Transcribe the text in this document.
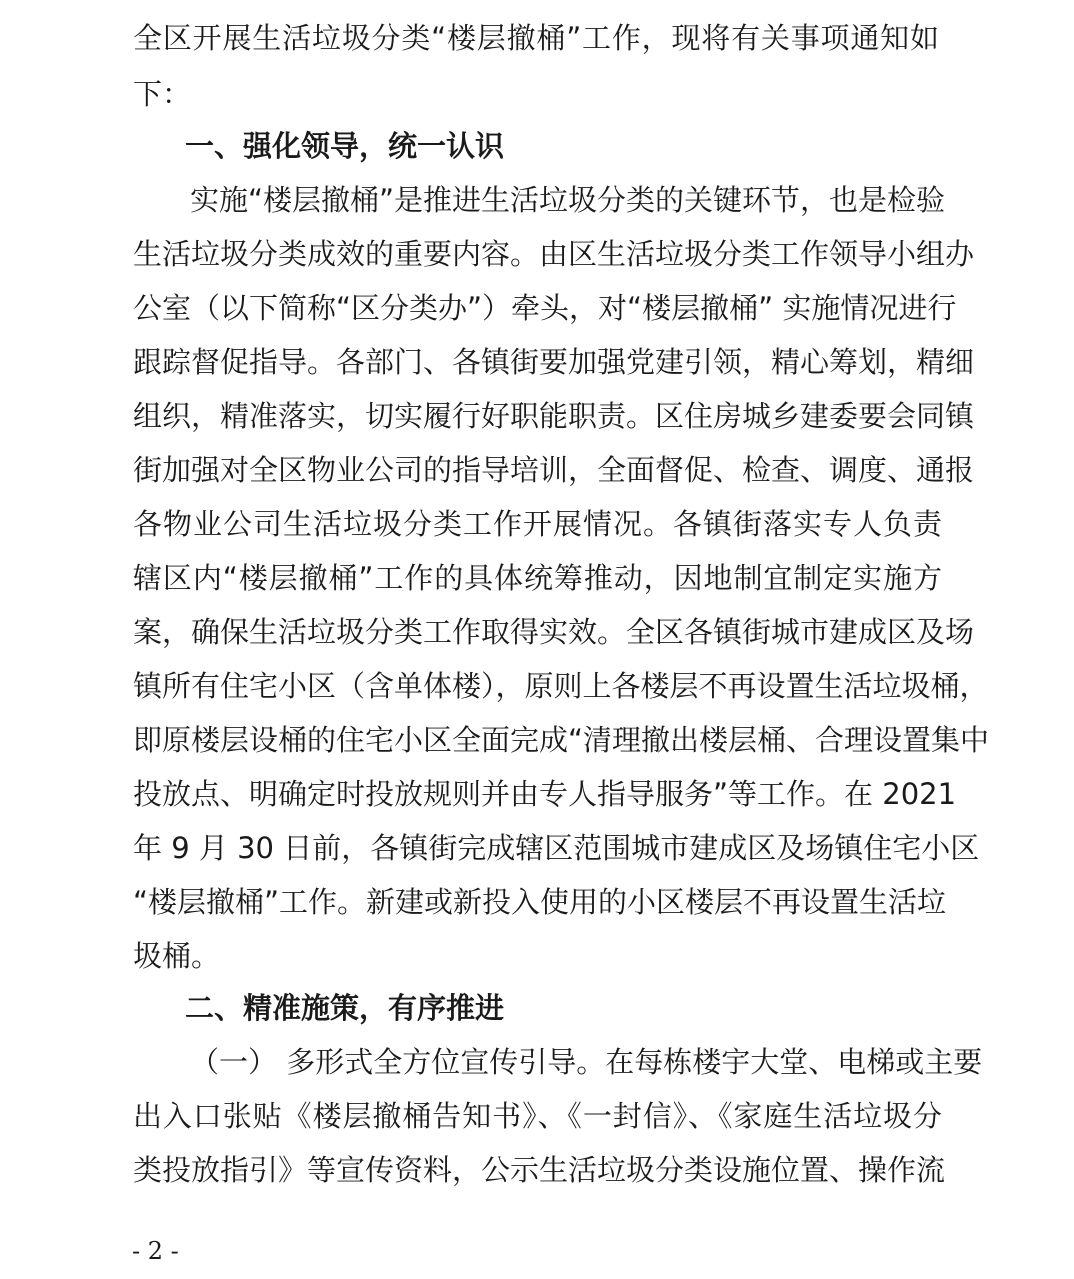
全区开展生活垃圾分类“楼层撤桶”工作，现将有关事项通知如
下：
一、强化领导，统一认识
实施“楼层撤桶”是推进生活垃圾分类的关键环节，也是检验
生活垃圾分类成效的重要内容。由区生活垃圾分类工作领导小组办
公室（以下简称“区分类办”）牵头，对“楼层撤桶” 实施情况进行
跟踪督促指导。各部门、各镇街要加强党建引领，精心筹划，精细
组织，精准落实，切实履行好职能职责。区住房城乡建委要会同镇
街加强对全区物业公司的指导培训，全面督促、检查、调度、通报
各物业公司生活垃圾分类工作开展情况。各镇街落实专人负责
辖区内“楼层撤桶”工作的具体统筹推动，因地制宜制定实施方
案，确保生活垃圾分类工作取得实效。全区各镇街城市建成区及场
镇所有住宅小区（含单体楼），原则上各楼层不再设置生活垃圾桶，
即原楼层设桶的住宅小区全面完成“清理撤出楼层桶、合理设置集中
投放点、明确定时投放规则并由专人指导服务”等工作。在 2021
年 9 月 30 日前，各镇街完成辖区范围城市建成区及场镇住宅小区
“楼层撤桶”工作。新建或新投入使用的小区楼层不再设置生活垃
圾桶。
二、精准施策，有序推进
（一） 多形式全方位宣传引导。在每栋楼宇大堂、电梯或主要
出入口张贴《楼层撤桶告知书》、《一封信》、《家庭生活垃圾分
类投放指引》等宣传资料，公示生活垃圾分类设施位置、操作流
- 2 -
